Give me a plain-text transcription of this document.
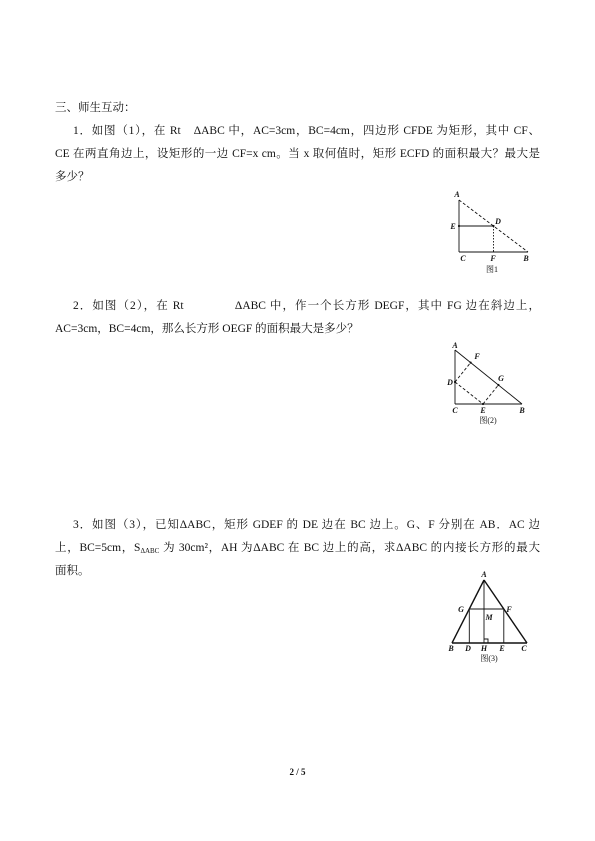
三、师生互动：
1．如图（1），在 Rt　ΔABC 中，AC=3cm，BC=4cm，四边形 CFDE 为矩形，其中 CF、
CE 在两直角边上，设矩形的一边 CF=x cm。当 x 取何值时，矩形 ECFD 的面积最大？最大是
多少？
A
E
D
C	F	B
图1
2．如图（2），在 Rt　　　　ΔABC 中，作一个长方形 DEGF，其中 FG 边在斜边上，
AC=3cm，BC=4cm，那么长方形 OEGF 的面积最大是多少？
A
F
G
D
C	E	B
图(2)
3．如图（3），已知ΔABC，矩形 GDEF 的 DE 边在 BC 边上。G、F 分别在 AB．AC 边
上，BC=5cm，$S_{\Delta ABC}$ 为 30cm²，AH 为ΔABC 在 BC 边上的高，求ΔABC 的内接长方形的最大
面积。	A
G	F
M
B D H E C
图(3)
2 / 5
